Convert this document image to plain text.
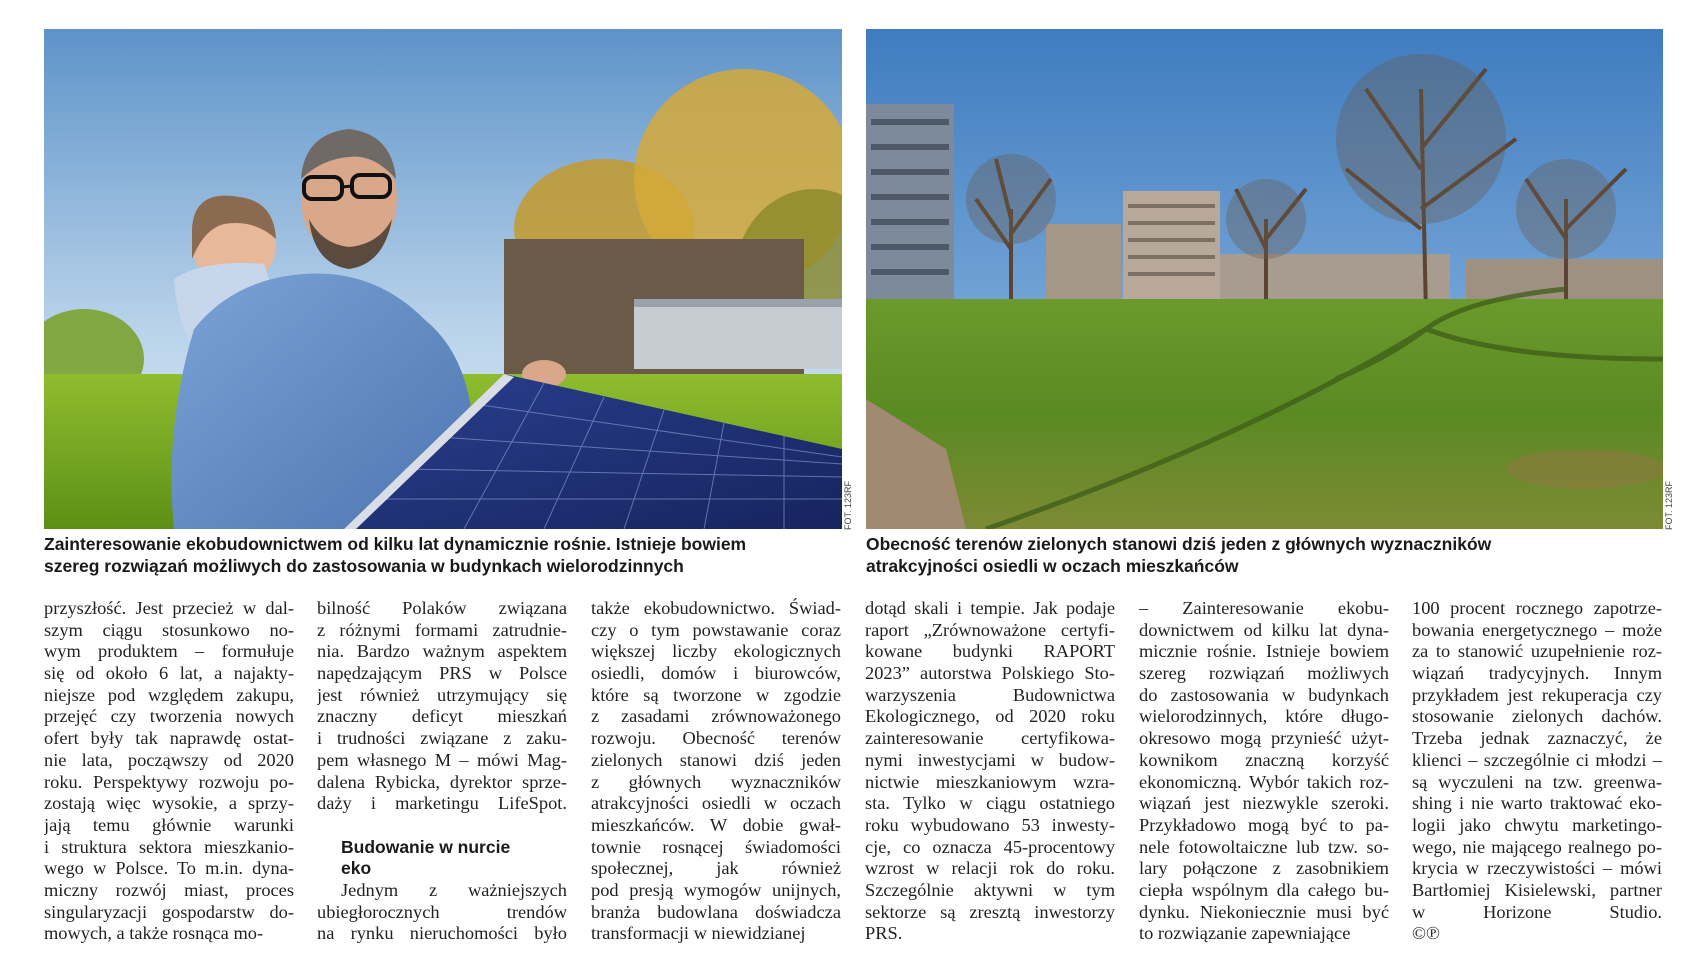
FOT. 123RF	FOT. 123RF
Zainteresowanie ekobudownictwem od kilku lat dynamicznie rośnie. Istnieje bowiem
szereg rozwiązań możliwych do zastosowania w budynkach wielorodzinnych
Obecność terenów zielonych stanowi dziś jeden z głównych wyznaczników
atrakcyjności osiedli w oczach mieszkańców
przyszłość. Jest przecież w dal-
szym ciągu stosunkowo no-
wym produktem – formułuje
się od około 6 lat, a najakty-
niejsze pod względem zakupu,
przejęć czy tworzenia nowych
ofert były tak naprawdę ostat-
nie lata, począwszy od 2020
roku. Perspektywy rozwoju po-
zostają więc wysokie, a sprzy-
jają temu głównie warunki
i struktura sektora mieszkanio-
wego w Polsce. To m.in. dyna-
miczny rozwój miast, proces
singularyzacji gospodarstw do-
mowych, a także rosnąca mo-
bilność Polaków związana
z różnymi formami zatrudnie-
nia. Bardzo ważnym aspektem
napędzającym PRS w Polsce
jest również utrzymujący się
znaczny deficyt mieszkań
i trudności związane z zaku-
pem własnego M – mówi Mag-
dalena Rybicka, dyrektor sprze-
daży i marketingu LifeSpot.
Budowanie w nurcie
eko
Jednym z ważniejszych
ubiegłorocznych trendów
na rynku nieruchomości było
także ekobudownictwo. Świad-
czy o tym powstawanie coraz
większej liczby ekologicznych
osiedli, domów i biurowców,
które są tworzone w zgodzie
z zasadami zrównoważonego
rozwoju. Obecność terenów
zielonych stanowi dziś jeden
z głównych wyznaczników
atrakcyjności osiedli w oczach
mieszkańców. W dobie gwał-
townie rosnącej świadomości
społecznej, jak również
pod presją wymogów unijnych,
branża budowlana doświadcza
transformacji w niewidzianej
dotąd skali i tempie. Jak podaje
raport „Zrównoważone certyfi-
kowane budynki RAPORT
2023” autorstwa Polskiego Sto-
warzyszenia Budownictwa
Ekologicznego, od 2020 roku
zainteresowanie certyfikowa-
nymi inwestycjami w budow-
nictwie mieszkaniowym wzra-
sta. Tylko w ciągu ostatniego
roku wybudowano 53 inwesty-
cje, co oznacza 45-procentowy
wzrost w relacji rok do roku.
Szczególnie aktywni w tym
sektorze są zresztą inwestorzy
PRS.
– Zainteresowanie ekobu-
downictwem od kilku lat dyna-
micznie rośnie. Istnieje bowiem
szereg rozwiązań możliwych
do zastosowania w budynkach
wielorodzinnych, które długo-
okresowo mogą przynieść użyt-
kownikom znaczną korzyść
ekonomiczną. Wybór takich roz-
wiązań jest niezwykle szeroki.
Przykładowo mogą być to pa-
nele fotowoltaiczne lub tzw. so-
lary połączone z zasobnikiem
ciepła wspólnym dla całego bu-
dynku. Niekoniecznie musi być
to rozwiązanie zapewniające
100 procent rocznego zapotrze-
bowania energetycznego – może
za to stanowić uzupełnienie roz-
wiązań tradycyjnych. Innym
przykładem jest rekuperacja czy
stosowanie zielonych dachów.
Trzeba jednak zaznaczyć, że
klienci – szczególnie ci młodzi –
są wyczuleni na tzw. greenwa-
shing i nie warto traktować eko-
logii jako chwytu marketingo-
wego, nie mającego realnego po-
krycia w rzeczywistości – mówi
Bartłomiej Kisielewski, partner
w Horizone Studio.
©℗
